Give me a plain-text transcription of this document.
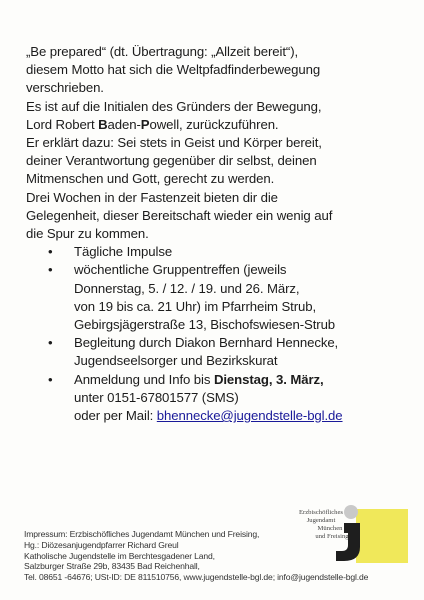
„Be prepared“ (dt. Übertragung: „Allzeit bereit“),
diesem Motto hat sich die Weltpfadfinderbewegung
verschrieben.
Es ist auf die Initialen des Gründers der Bewegung,
Lord Robert Baden-Powell, zurückzuführen.
Er erklärt dazu: Sei stets in Geist und Körper bereit,
deiner Verantwortung gegenüber dir selbst, deinen
Mitmenschen und Gott, gerecht zu werden.
Drei Wochen in der Fastenzeit bieten dir die
Gelegenheit, dieser Bereitschaft wieder ein wenig auf
die Spur zu kommen.

• Tägliche Impulse
• wöchentliche Gruppentreffen (jeweils
Donnerstag, 5. / 12. / 19. und 26. März,
von 19 bis ca. 21 Uhr) im Pfarrheim Strub,
Gebirgsjägerstraße 13, Bischofswiesen-Strub
• Begleitung durch Diakon Bernhard Hennecke,
Jugendseelsorger und Bezirkskurat
• Anmeldung und Info bis Dienstag, 3. März,
unter 0151-67801577 (SMS)
oder per Mail: bhennecke@jugendstelle-bgl.de
Erzbischöfliches
Jugendamt
München
und Freising
Impressum: Erzbischöfliches Jugendamt München und Freising,
Hg.: Diözesanjugendpfarrer Richard Greul
Katholische Jugendstelle im Berchtesgadener Land,
Salzburger Straße 29b, 83435 Bad Reichenhall,
Tel. 08651 -64676; USt-ID: DE 811510756, www.jugendstelle-bgl.de; info@jugendstelle-bgl.de
